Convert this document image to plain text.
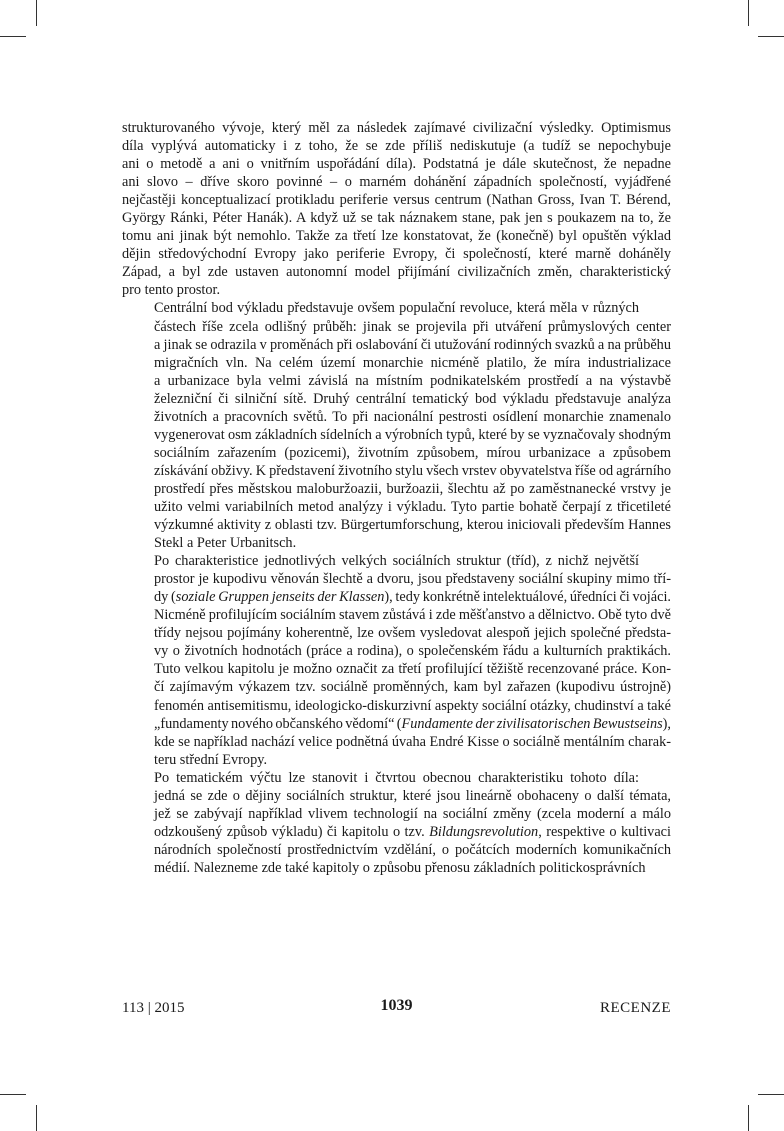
strukturovaného vývoje, který měl za následek zajímavé civilizační výsledky. Optimismus
díla vyplývá automaticky i z toho, že se zde příliš nediskutuje (a tudíž se nepochybuje
ani o metodě a ani o vnitřním uspořádání díla). Podstatná je dále skutečnost, že nepadne
ani slovo – dříve skoro povinné – o marném dohánění západních společností, vyjádřené
nejčastěji konceptualizací protikladu periferie versus centrum (Nathan Gross, Ivan T. Bérend,
György Ránki, Péter Hanák). A když už se tak náznakem stane, pak jen s poukazem na to, že
tomu ani jinak být nemohlo. Takže za třetí lze konstatovat, že (konečně) byl opuštěn výklad
dějin středovýchodní Evropy jako periferie Evropy, či společností, které marně doháněly
Západ, a byl zde ustaven autonomní model přijímání civilizačních změn, charakteristický
pro tento prostor.

Centrální bod výkladu představuje ovšem populační revoluce, která měla v různých
částech říše zcela odlišný průběh: jinak se projevila při utváření průmyslových center
a jinak se odrazila v proměnách při oslabování či utužování rodinných svazků a na průběhu
migračních vln. Na celém území monarchie nicméně platilo, že míra industrializace
a urbanizace byla velmi závislá na místním podnikatelském prostředí a na výstavbě
železniční či silniční sítě. Druhý centrální tematický bod výkladu představuje analýza
životních a pracovních světů. To při nacionální pestrosti osídlení monarchie znamenalo
vygenerovat osm základních sídelních a výrobních typů, které by se vyznačovaly shodným
sociálním zařazením (pozicemi), životním způsobem, mírou urbanizace a způsobem
získávání obživy. K představení životního stylu všech vrstev obyvatelstva říše od agrárního
prostředí přes městskou maloburžoazii, buržoazii, šlechtu až po zaměstnanecké vrstvy je
užito velmi variabilních metod analýzy i výkladu. Tyto partie bohatě čerpají z třicetileté
výzkumné aktivity z oblasti tzv. Bürgertumforschung, kterou iniciovali především Hannes
Stekl a Peter Urbanitsch.

Po charakteristice jednotlivých velkých sociálních struktur (tříd), z nichž největší
prostor je kupodivu věnován šlechtě a dvoru, jsou představeny sociální skupiny mimo tří-
dy (soziale Gruppen jenseits der Klassen), tedy konkrétně intelektuálové, úředníci či vojáci.
Nicméně profilujícím sociálním stavem zůstává i zde měšťanstvo a dělnictvo. Obě tyto dvě
třídy nejsou pojímány koherentně, lze ovšem vysledovat alespoň jejich společné předsta-
vy o životních hodnotách (práce a rodina), o společenském řádu a kulturních praktikách.
Tuto velkou kapitolu je možno označit za třetí profilující těžiště recenzované práce. Kon-
čí zajímavým výkazem tzv. sociálně proměnných, kam byl zařazen (kupodivu ústrojně)
fenomén antisemitismu, ideologicko-diskurzivní aspekty sociální otázky, chudinství a také
„fundamenty nového občanského vědomí“ (Fundamente der zivilisatorischen Bewustseins),
kde se například nachází velice podnětná úvaha Endré Kisse o sociálně mentálním charak-
teru střední Evropy.

Po tematickém výčtu lze stanovit i čtvrtou obecnou charakteristiku tohoto díla:
jedná se zde o dějiny sociálních struktur, které jsou lineárně obohaceny o další témata,
jež se zabývají například vlivem technologií na sociální změny (zcela moderní a málo
odzkoušený způsob výkladu) či kapitolu o tzv. Bildungsrevolution, respektive o kultivaci
národních společností prostřednictvím vzdělání, o počátcích moderních komunikačních
médií. Nalezneme zde také kapitoly o způsobu přenosu základních politickosprávních

113 | 2015	1039	RECENZE
